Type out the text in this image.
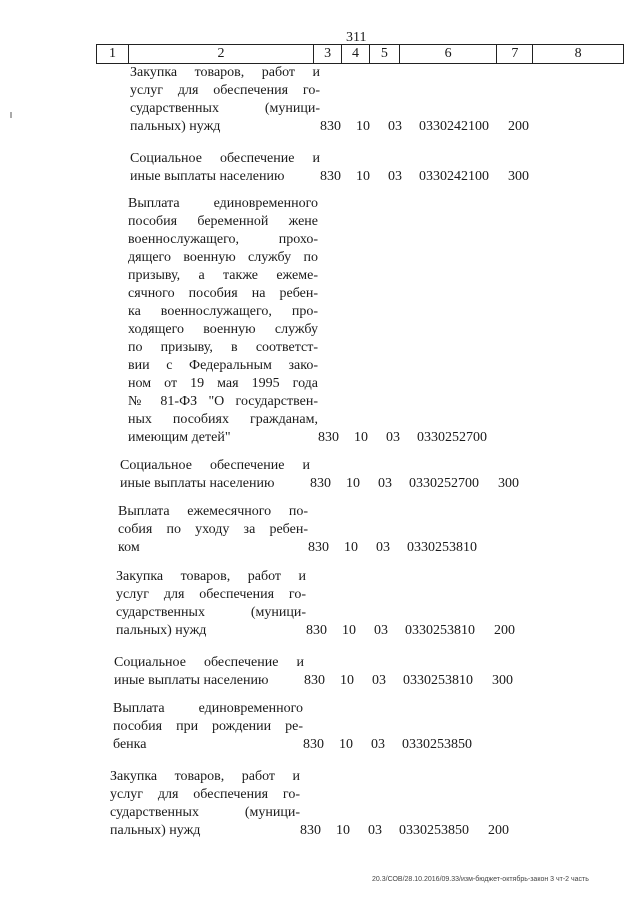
311
1	2	3	4	5	6	7	8
Закупка товаров, работ и
услуг для обеспечения го-
сударственных (муници-
пальных) нужд	830 10 03 0330242100 200
Социальное обеспечение и
иные выплаты населению	830 10 03 0330242100 300
Выплата единовременного
пособия беременной жене
военнослужащего, прохо-
дящего военную службу по
призыву, а также ежеме-
сячного пособия на ребен-
ка военнослужащего, про-
ходящего военную службу
по призыву, в соответст-
вии с Федеральным зако-
ном от 19 мая 1995 года
№ 81-ФЗ "О государствен-
ных пособиях гражданам,
имеющим детей"	830 10 03 0330252700
Социальное обеспечение и
иные выплаты населению	830 10 03 0330252700 300
Выплата ежемесячного по-
собия по уходу за ребен-
ком	830 10 03 0330253810
Закупка товаров, работ и
услуг для обеспечения го-
сударственных (муници-
пальных) нужд	830 10 03 0330253810 200
Социальное обеспечение и
иные выплаты населению	830 10 03 0330253810 300
Выплата единовременного
пособия при рождении ре-
бенка	830 10 03 0330253850
Закупка товаров, работ и
услуг для обеспечения го-
сударственных (муници-
пальных) нужд	830 10 03 0330253850 200
20.3/СОВ/28.10.2016/09.33/изм-бюджет-октябрь-закон 3 чт-2 часть
